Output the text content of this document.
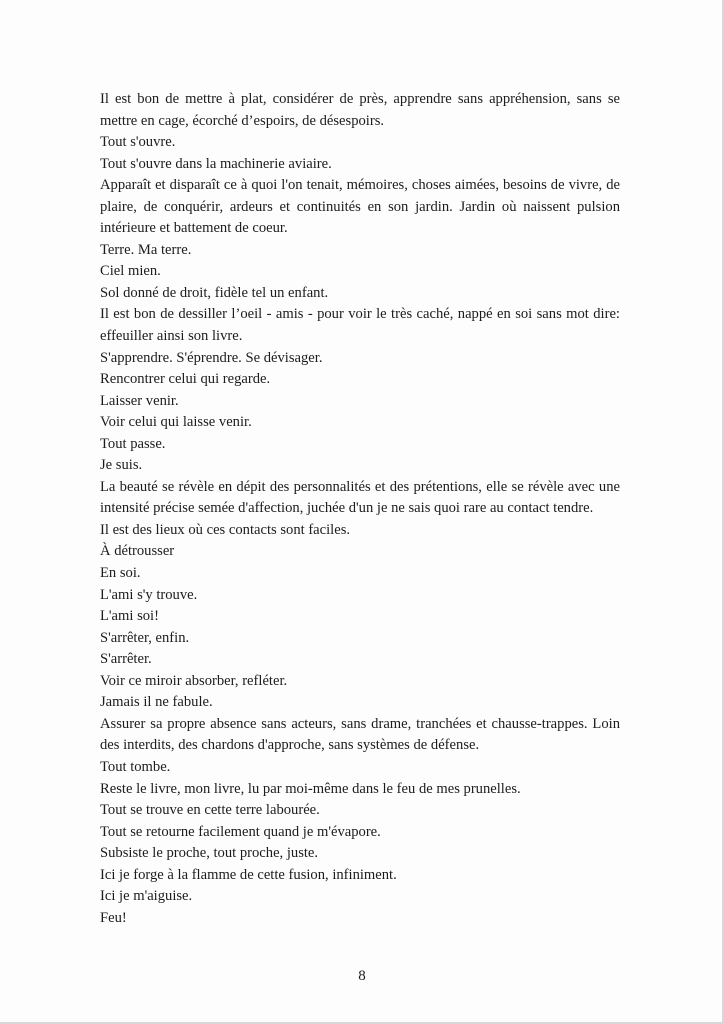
Il est bon de mettre à plat, considérer de près, apprendre sans appréhension, sans se
mettre en cage, écorché d’espoirs, de désespoirs.
Tout s'ouvre.
Tout s'ouvre dans la machinerie aviaire.
Apparaît et disparaît ce à quoi l'on tenait, mémoires, choses aimées, besoins de vivre, de
plaire, de conquérir, ardeurs et continuités en son jardin. Jardin où naissent pulsion
intérieure et battement de coeur.
Terre. Ma terre.
Ciel mien.
Sol donné de droit, fidèle tel un enfant.
Il est bon de dessiller l’oeil - amis - pour voir le très caché, nappé en soi sans mot dire:
effeuiller ainsi son livre.
S'apprendre. S'éprendre. Se dévisager.
Rencontrer celui qui regarde.
Laisser venir.
Voir celui qui laisse venir.
Tout passe.
Je suis.
La beauté se révèle en dépit des personnalités et des prétentions, elle se révèle avec une
intensité précise semée d'affection, juchée d'un je ne sais quoi rare au contact tendre.
Il est des lieux où ces contacts sont faciles.
À détrousser
En soi.
L'ami s'y trouve.
L'ami soi!
S'arrêter, enfin.
S'arrêter.
Voir ce miroir absorber, refléter.
Jamais il ne fabule.
Assurer sa propre absence sans acteurs, sans drame, tranchées et chausse-trappes. Loin
des interdits, des chardons d'approche, sans systèmes de défense.
Tout tombe.
Reste le livre, mon livre, lu par moi-même dans le feu de mes prunelles.
Tout se trouve en cette terre labourée.
Tout se retourne facilement quand je m'évapore.
Subsiste le proche, tout proche, juste.
Ici je forge à la flamme de cette fusion, infiniment.
Ici je m'aiguise.
Feu!
8
